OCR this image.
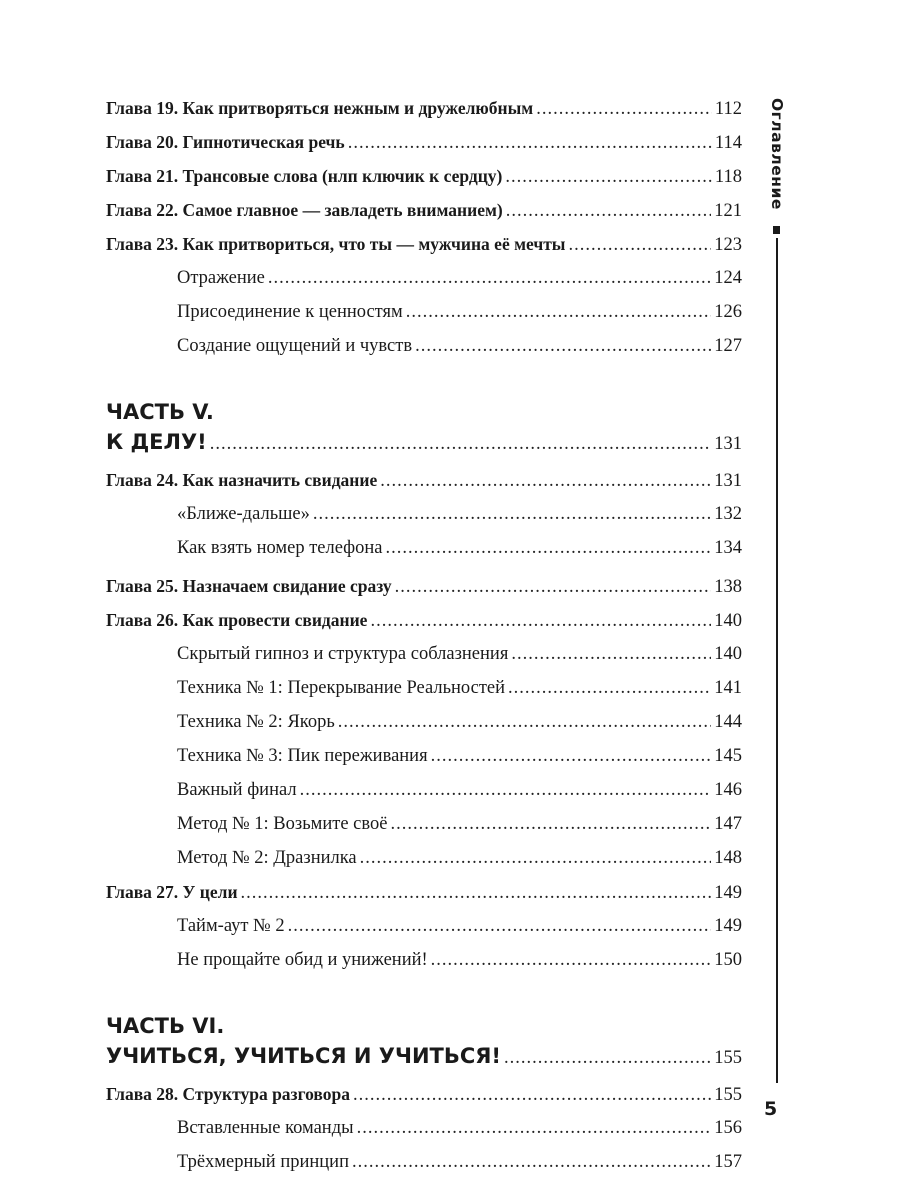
Глава 19. Как притворяться нежным и дружелюбным .....	112
Глава 20. Гипнотическая речь .....	114
Глава 21. Трансовые слова (нлп ключик к сердцу) .....	118
Глава 22. Самое главное — завладеть вниманием) .....	121
Глава 23. Как притвориться, что ты — мужчина её мечты .....	123
Отражение .....	124
Присоединение к ценностям .....	126
Создание ощущений и чувств .....	127
ЧАСТЬ V.
К ДЕЛУ! .....	131
Глава 24. Как назначить свидание .....	131
«Ближе-дальше» .....	132
Как взять номер телефона .....	134
Глава 25. Назначаем свидание сразу .....	138
Глава 26. Как провести свидание .....	140
Скрытый гипноз и структура соблазнения .....	140
Техника № 1: Перекрывание Реальностей .....	141
Техника № 2: Якорь .....	144
Техника № 3: Пик переживания .....	145
Важный финал .....	146
Метод № 1: Возьмите своё .....	147
Метод № 2: Дразнилка .....	148
Глава 27. У цели .....	149
Тайм-аут № 2 .....	149
Не прощайте обид и унижений! .....	150
ЧАСТЬ VI.
УЧИТЬСЯ, УЧИТЬСЯ И УЧИТЬСЯ! .....	155
Глава 28. Структура разговора .....	155
Вставленные команды .....	156
Трёхмерный принцип .....	157
Оглавление
5
